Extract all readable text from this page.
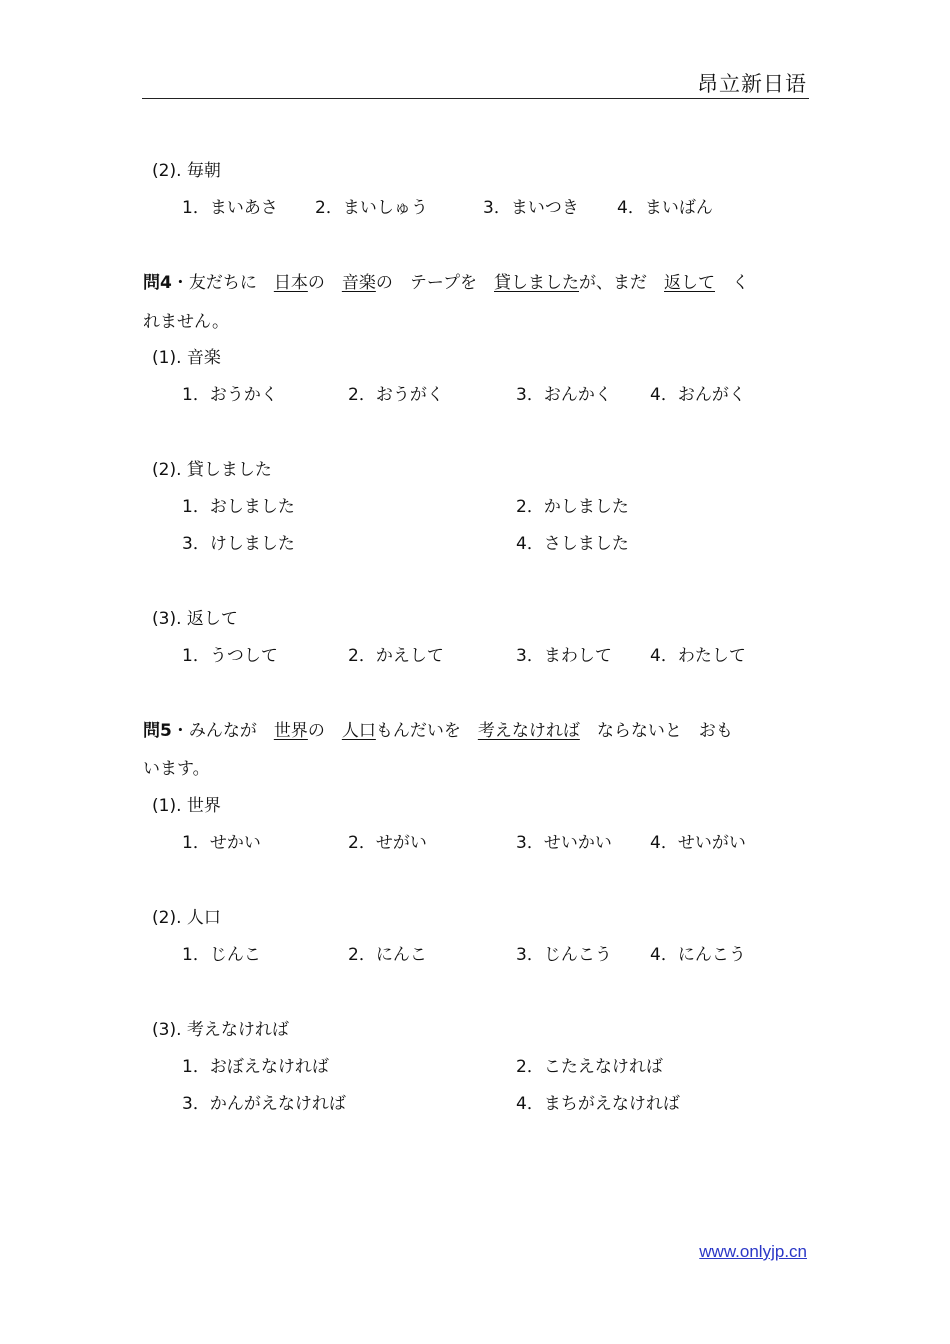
昂立新日语
(2). 毎朝
1．まいあさ 2．まいしゅう	3．まいつき 4．まいばん
問4・友だちに　日本の　音楽の　テープを　貸しましたが、まだ　返して　く
れません。
(1). 音楽
1．おうかく	2．おうがく	3．おんかく 4．おんがく
(2). 貸しました
1．おしました	2．かしました
3．けしました	4．さしました
(3). 返して
1．うつして	2．かえして	3．まわして 4．わたして
問5・みんなが　世界の　人口もんだいを　考えなければ　ならないと　おも
います。
(1). 世界
1．せかい	2．せがい	3．せいかい 4．せいがい
(2). 人口
1．じんこ	2．にんこ	3．じんこう 4．にんこう
(3). 考えなければ
1．おぼえなければ	2．こたえなければ
3．かんがえなければ	4．まちがえなければ
www.onlyjp.cn
